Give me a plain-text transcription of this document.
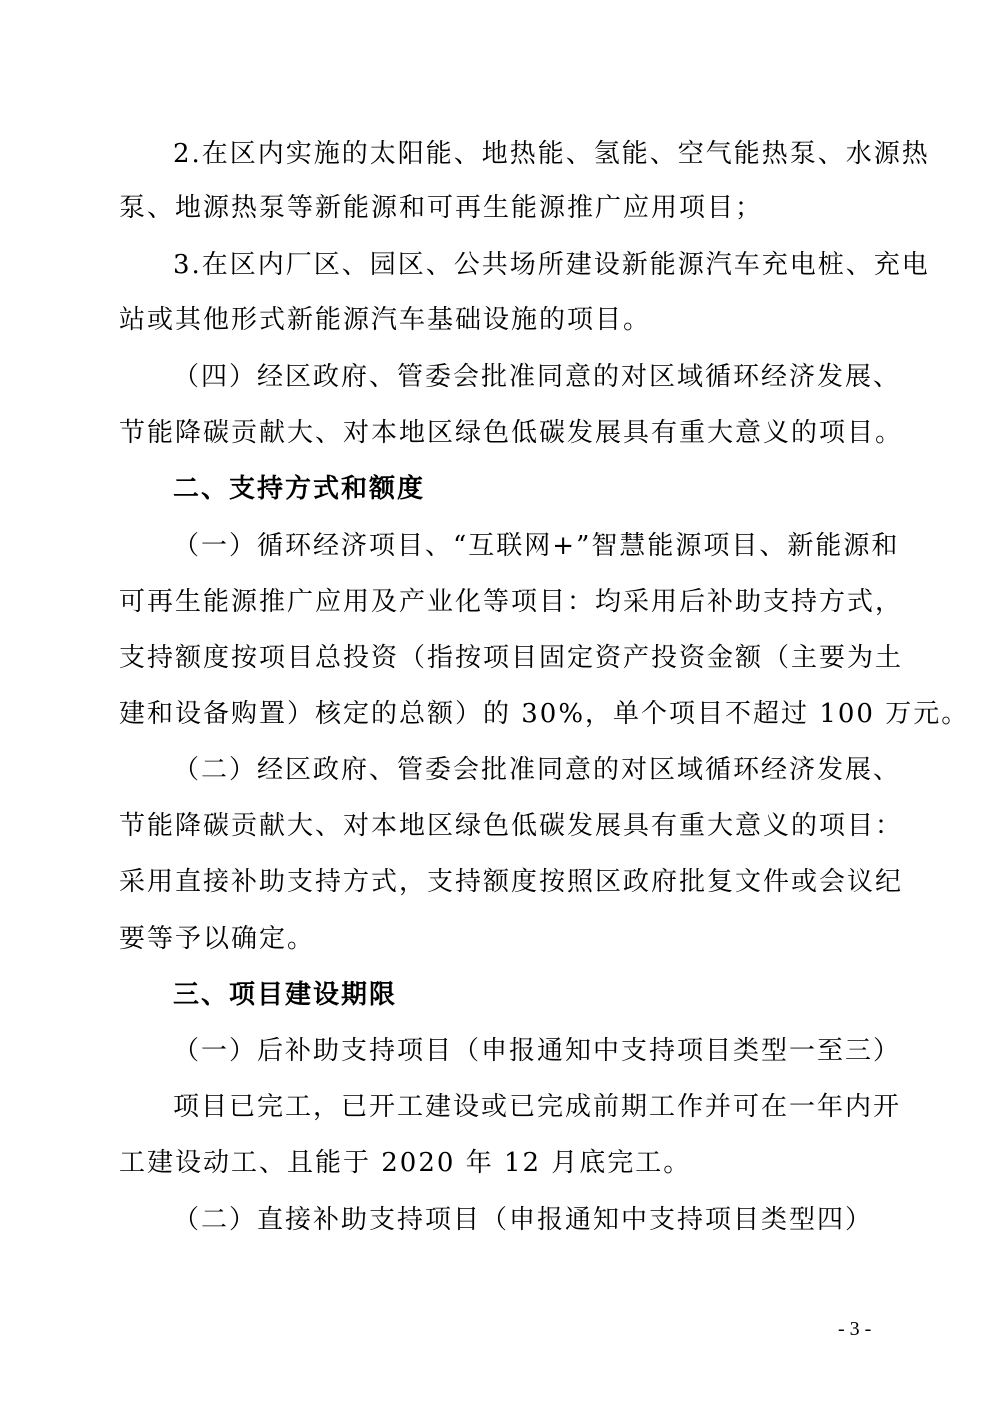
2.在区内实施的太阳能、地热能、氢能、空气能热泵、水源热
泵、地源热泵等新能源和可再生能源推广应用项目；
3.在区内厂区、园区、公共场所建设新能源汽车充电桩、充电
站或其他形式新能源汽车基础设施的项目。
（四）经区政府、管委会批准同意的对区域循环经济发展、
节能降碳贡献大、对本地区绿色低碳发展具有重大意义的项目。
二、支持方式和额度
（一）循环经济项目、“互联网+”智慧能源项目、新能源和
可再生能源推广应用及产业化等项目：均采用后补助支持方式，
支持额度按项目总投资（指按项目固定资产投资金额（主要为土
建和设备购置）核定的总额）的 30%，单个项目不超过 100 万元。
（二）经区政府、管委会批准同意的对区域循环经济发展、
节能降碳贡献大、对本地区绿色低碳发展具有重大意义的项目：
采用直接补助支持方式，支持额度按照区政府批复文件或会议纪
要等予以确定。
三、项目建设期限
（一）后补助支持项目（申报通知中支持项目类型一至三）
项目已完工，已开工建设或已完成前期工作并可在一年内开
工建设动工、且能于 2020 年 12 月底完工。
（二）直接补助支持项目（申报通知中支持项目类型四）
- 3 -
